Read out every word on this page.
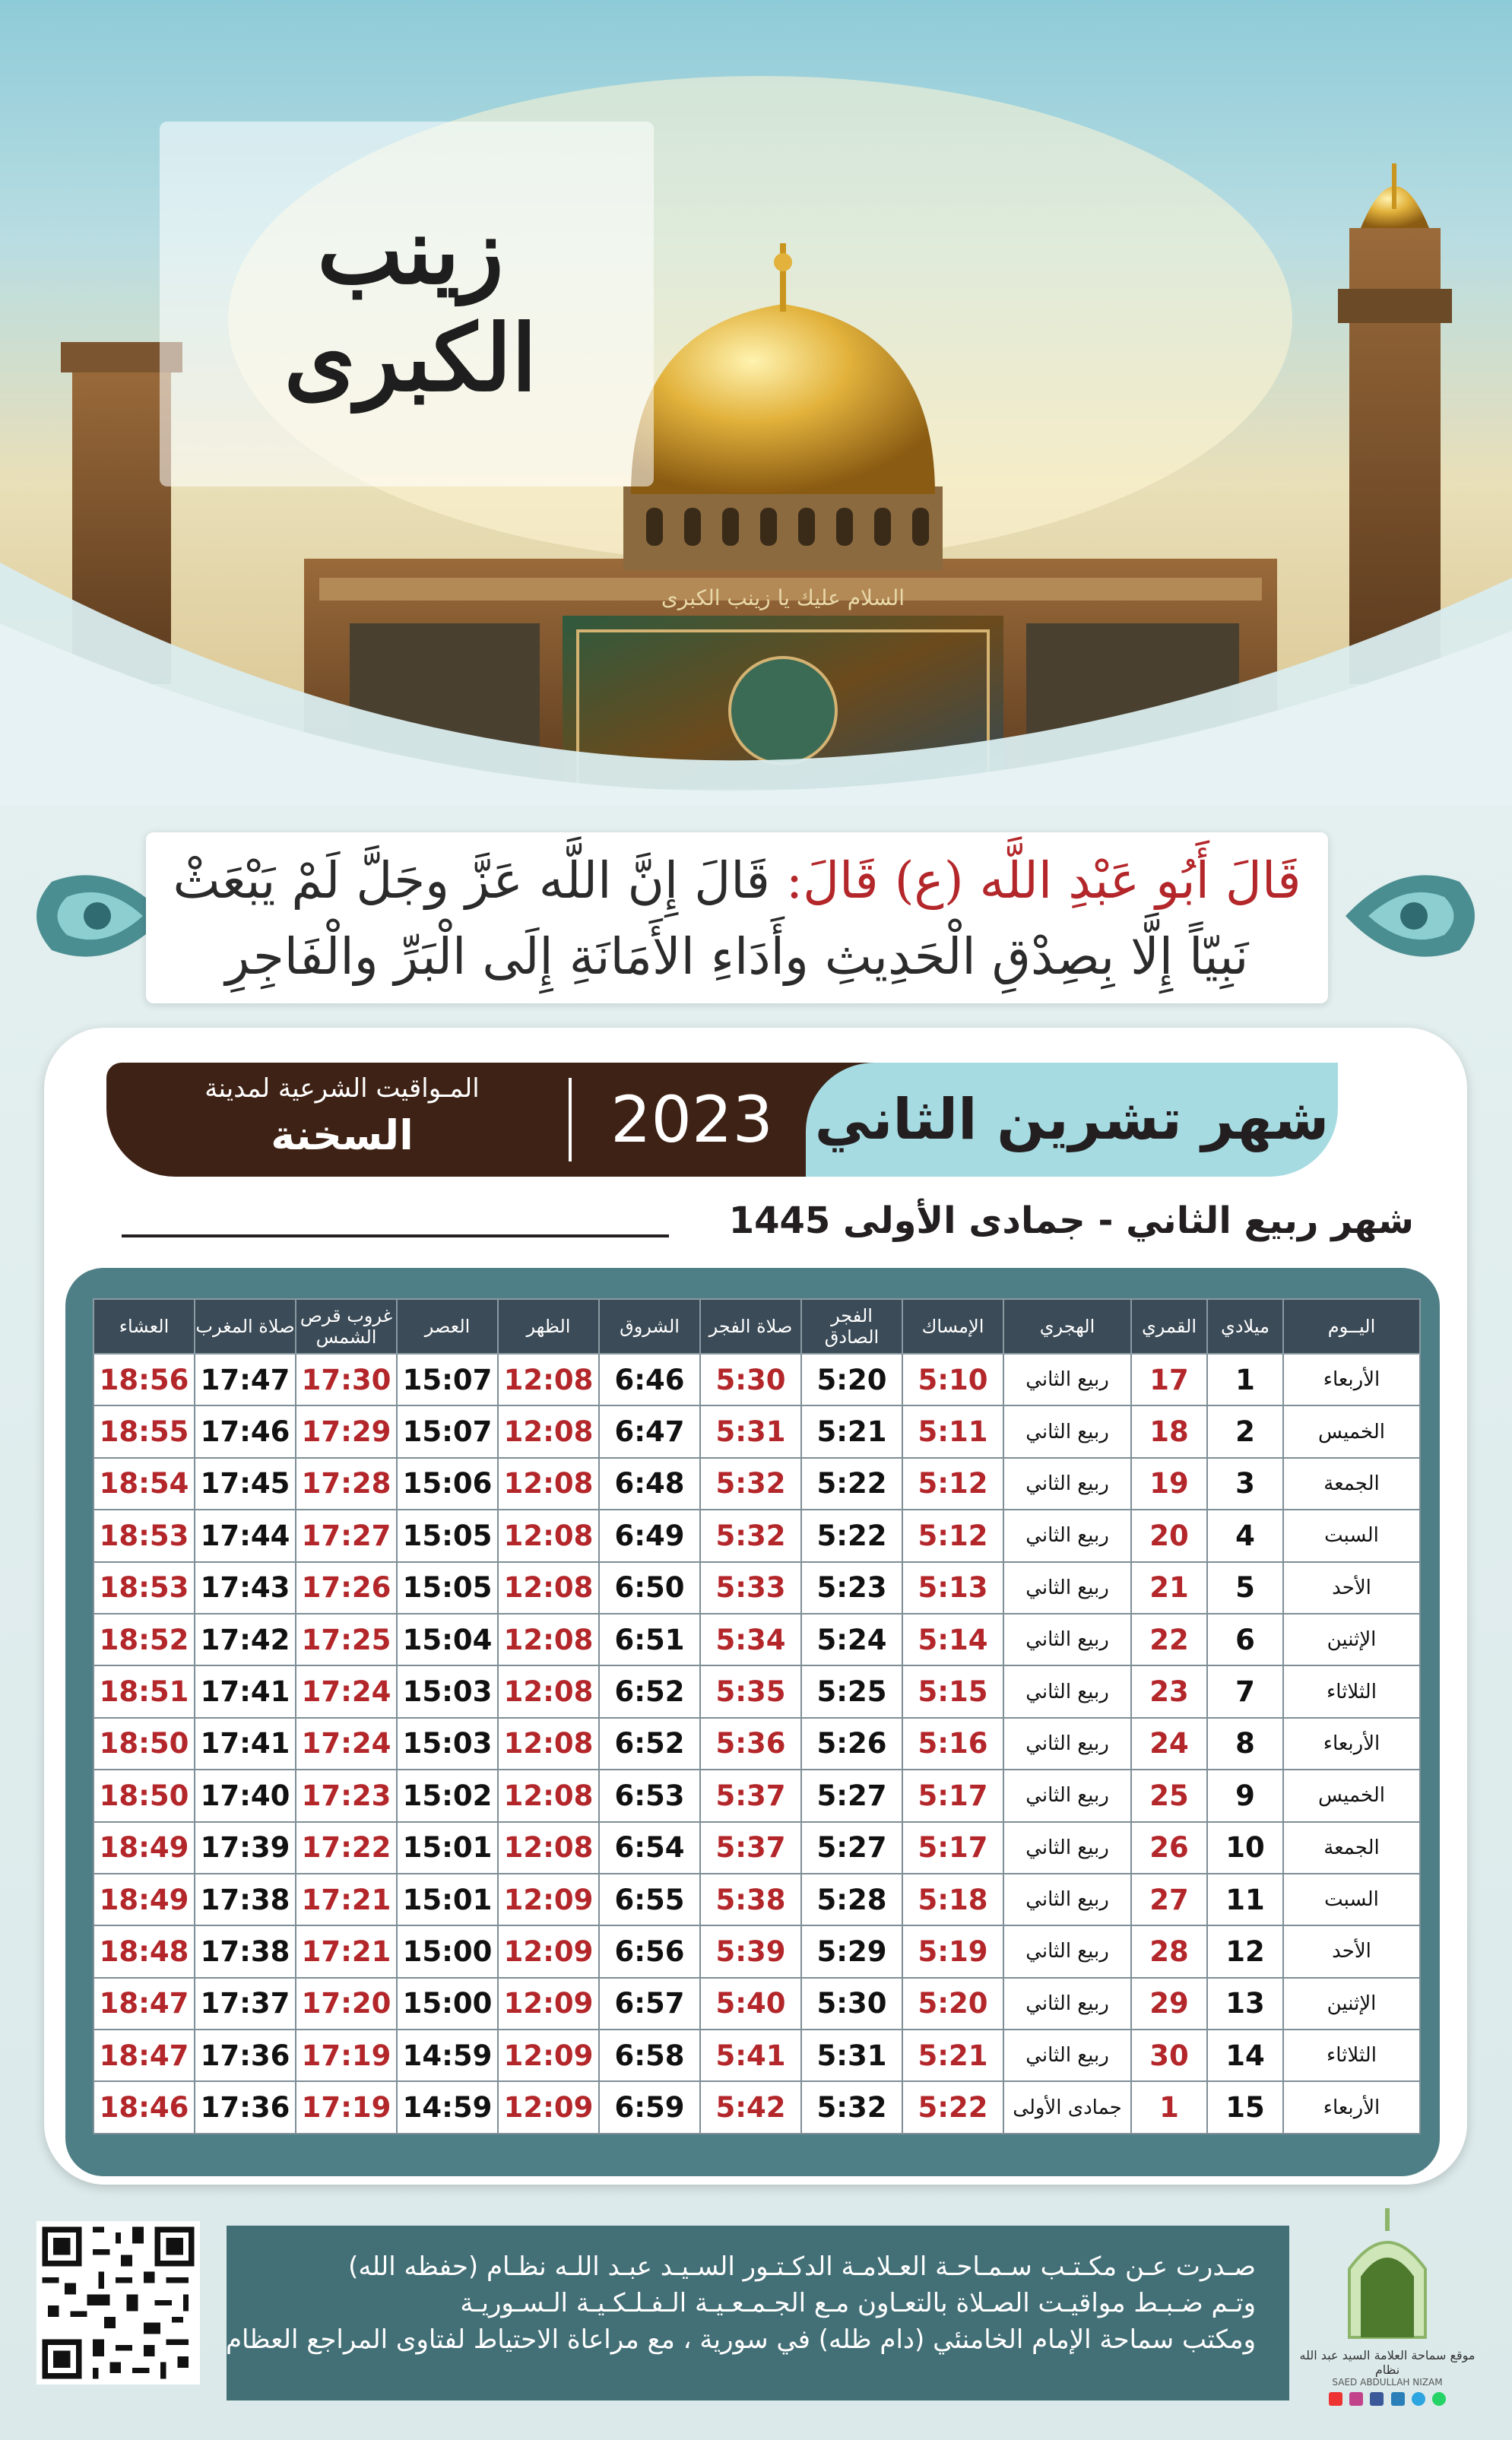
زينب الكبرى
السلام عليك يا زينب الكبرى
قَالَ أَبُو عَبْدِ اللَّه (ع) قَالَ: قَالَ إِنَّ اللَّه عَزَّ وجَلَّ لَمْ يَبْعَثْ
نَبِيّاً إِلَّا بِصِدْقِ الْحَدِيثِ وأَدَاءِ الأَمَانَةِ إِلَى الْبَرِّ والْفَاجِرِ
شهر تشرين الثاني
2023
المـواقيت الشرعية لمدينة
السخنة
شهر ربيع الثاني - جمادى الأولى 1445
اليــوم	ميلادي	القمري	الهجري	الإمساك	الفجر الصادق	صلاة الفجر	الشروق	الظهر	العصر	غروب قرص الشمس	صلاة المغرب	العشاء
الأربعاء	1	17	ربيع الثاني	5:10	5:20	5:30	6:46	12:08	15:07	17:30	17:47	18:56
الخميس	2	18	ربيع الثاني	5:11	5:21	5:31	6:47	12:08	15:07	17:29	17:46	18:55
الجمعة	3	19	ربيع الثاني	5:12	5:22	5:32	6:48	12:08	15:06	17:28	17:45	18:54
السبت	4	20	ربيع الثاني	5:12	5:22	5:32	6:49	12:08	15:05	17:27	17:44	18:53
الأحد	5	21	ربيع الثاني	5:13	5:23	5:33	6:50	12:08	15:05	17:26	17:43	18:53
الإثنين	6	22	ربيع الثاني	5:14	5:24	5:34	6:51	12:08	15:04	17:25	17:42	18:52
الثلاثاء	7	23	ربيع الثاني	5:15	5:25	5:35	6:52	12:08	15:03	17:24	17:41	18:51
الأربعاء	8	24	ربيع الثاني	5:16	5:26	5:36	6:52	12:08	15:03	17:24	17:41	18:50
الخميس	9	25	ربيع الثاني	5:17	5:27	5:37	6:53	12:08	15:02	17:23	17:40	18:50
الجمعة	10	26	ربيع الثاني	5:17	5:27	5:37	6:54	12:08	15:01	17:22	17:39	18:49
السبت	11	27	ربيع الثاني	5:18	5:28	5:38	6:55	12:09	15:01	17:21	17:38	18:49
الأحد	12	28	ربيع الثاني	5:19	5:29	5:39	6:56	12:09	15:00	17:21	17:38	18:48
الإثنين	13	29	ربيع الثاني	5:20	5:30	5:40	6:57	12:09	15:00	17:20	17:37	18:47
الثلاثاء	14	30	ربيع الثاني	5:21	5:31	5:41	6:58	12:09	14:59	17:19	17:36	18:47
الأربعاء	15	1	جمادى الأولى	5:22	5:32	5:42	6:59	12:09	14:59	17:19	17:36	18:46
صـدرت عـن مكـتـب سـمـاحـة العـلامـة الدكـتـور السـيـد عبـد اللـه نظـام (حفظه الله)
وتـم ضـبـط مواقيـت الصـلاة بالتعـاون مـع الجـمـعـيـة الـفـلـكـيـة الـسـوريـة
ومكتب سماحة الإمام الخامنئي (دام ظله) في سورية ، مع مراعاة الاحتياط لفتاوى المراجع العظام
موقع سماحة العلامة السيد عبد الله نظام
SAED ABDULLAH NIZAM
